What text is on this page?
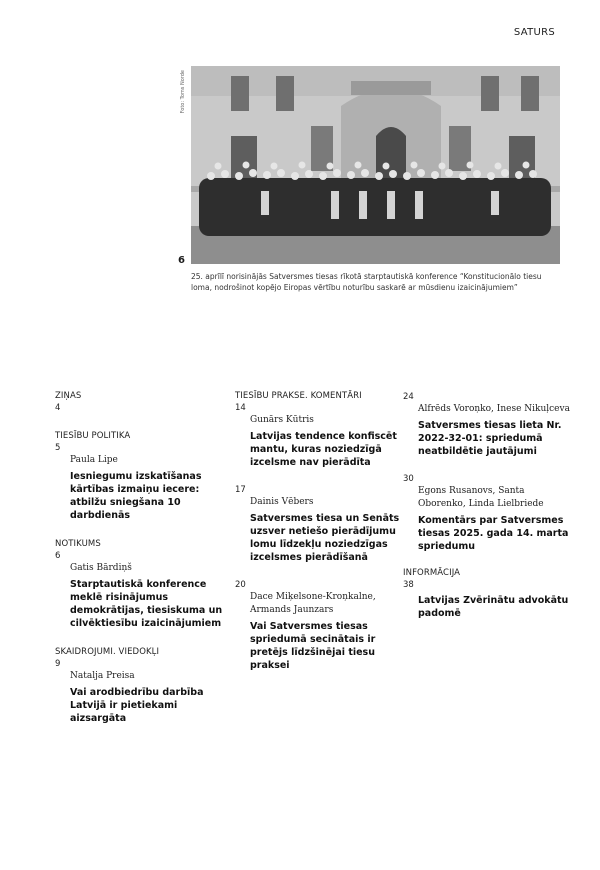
SATURS
Foto: Toms Norde
6
25. aprīlī norisinājās Satversmes tiesas rīkotā starptautiskā konference “Konstitucionālo tiesu loma, nodrošinot kopējo Eiropas vērtību noturību saskarē ar mūsdienu izaicinājumiem”
ZIŅAS
4
TIESĪBU POLITIKA
5
Paula Lipe
Iesniegumu izskatīšanas kārtības izmaiņu iecere: atbilžu sniegšana 10 darbdienās
NOTIKUMS
6
Gatis Bārdiņš
Starptautiskā konference meklē risinājumus demokrātijas, tiesiskuma un cilvēktiesību izaicinājumiem
SKAIDROJUMI. VIEDOKĻI
9
Natalja Preisa
Vai arodbiedrību darbība Latvijā ir pietiekami aizsargāta
TIESĪBU PRAKSE. KOMENTĀRI
14
Gunārs Kūtris
Latvijas tendence konfiscēt mantu, kuras noziedzīgā izcelsme nav pierādīta
17
Dainis Vēbers
Satversmes tiesa un Senāts uzsver netiešo pierādījumu lomu līdzekļu noziedzīgas izcelsmes pierādīšanā
20
Dace Miķelsone-Kroņkalne, Armands Jaunzars
Vai Satversmes tiesas spriedumā secinātais ir pretējs līdzšinējai tiesu praksei
24
Alfrēds Voroņko, Inese Nikuļceva
Satversmes tiesas lieta Nr. 2022-32-01: spriedumā neatbildētie jautājumi
30
Egons Rusanovs, Santa Oborenko, Linda Lielbriede
Komentārs par Satversmes tiesas 2025. gada 14. marta spriedumu
INFORMĀCIJA
38
Latvijas Zvērinātu advokātu padomē
